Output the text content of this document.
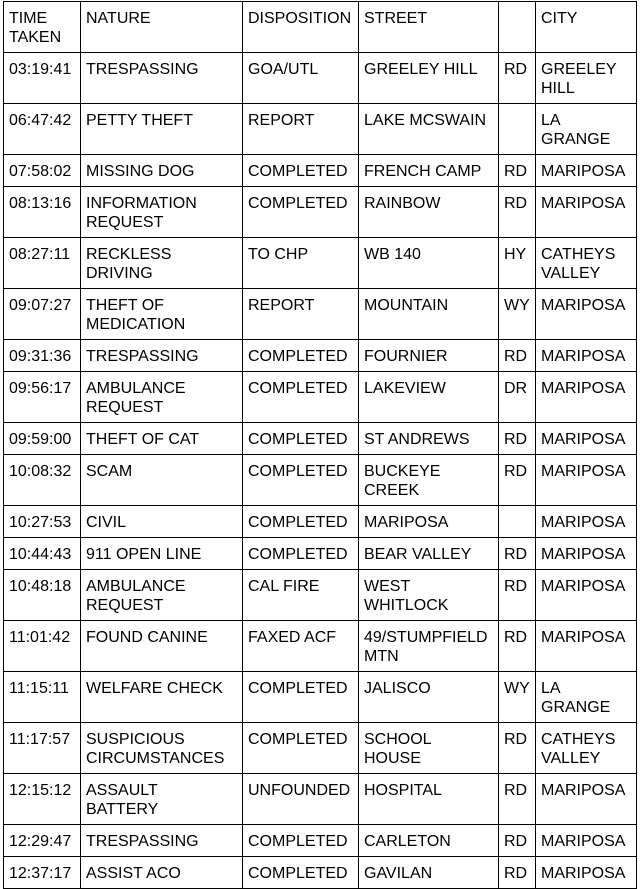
TIME
TAKEN	NATURE	DISPOSITION	STREET		CITY
03:19:41	TRESPASSING	GOA/UTL	GREELEY HILL	RD	GREELEY
HILL
06:47:42	PETTY THEFT	REPORT	LAKE MCSWAIN		LA
GRANGE
07:58:02	MISSING DOG	COMPLETED	FRENCH CAMP	RD	MARIPOSA
08:13:16	INFORMATION
REQUEST	COMPLETED	RAINBOW	RD	MARIPOSA
08:27:11	RECKLESS
DRIVING	TO CHP	WB 140	HY	CATHEYS
VALLEY
09:07:27	THEFT OF
MEDICATION	REPORT	MOUNTAIN	WY	MARIPOSA
09:31:36	TRESPASSING	COMPLETED	FOURNIER	RD	MARIPOSA
09:56:17	AMBULANCE
REQUEST	COMPLETED	LAKEVIEW	DR	MARIPOSA
09:59:00	THEFT OF CAT	COMPLETED	ST ANDREWS	RD	MARIPOSA
10:08:32	SCAM	COMPLETED	BUCKEYE
CREEK	RD	MARIPOSA
10:27:53	CIVIL	COMPLETED	MARIPOSA		MARIPOSA
10:44:43	911 OPEN LINE	COMPLETED	BEAR VALLEY	RD	MARIPOSA
10:48:18	AMBULANCE
REQUEST	CAL FIRE	WEST
WHITLOCK	RD	MARIPOSA
11:01:42	FOUND CANINE	FAXED ACF	49/STUMPFIELD
MTN	RD	MARIPOSA
11:15:11	WELFARE CHECK	COMPLETED	JALISCO	WY	LA
GRANGE
11:17:57	SUSPICIOUS
CIRCUMSTANCES	COMPLETED	SCHOOL
HOUSE	RD	CATHEYS
VALLEY
12:15:12	ASSAULT
BATTERY	UNFOUNDED	HOSPITAL	RD	MARIPOSA
12:29:47	TRESPASSING	COMPLETED	CARLETON	RD	MARIPOSA
12:37:17	ASSIST ACO	COMPLETED	GAVILAN	RD	MARIPOSA
